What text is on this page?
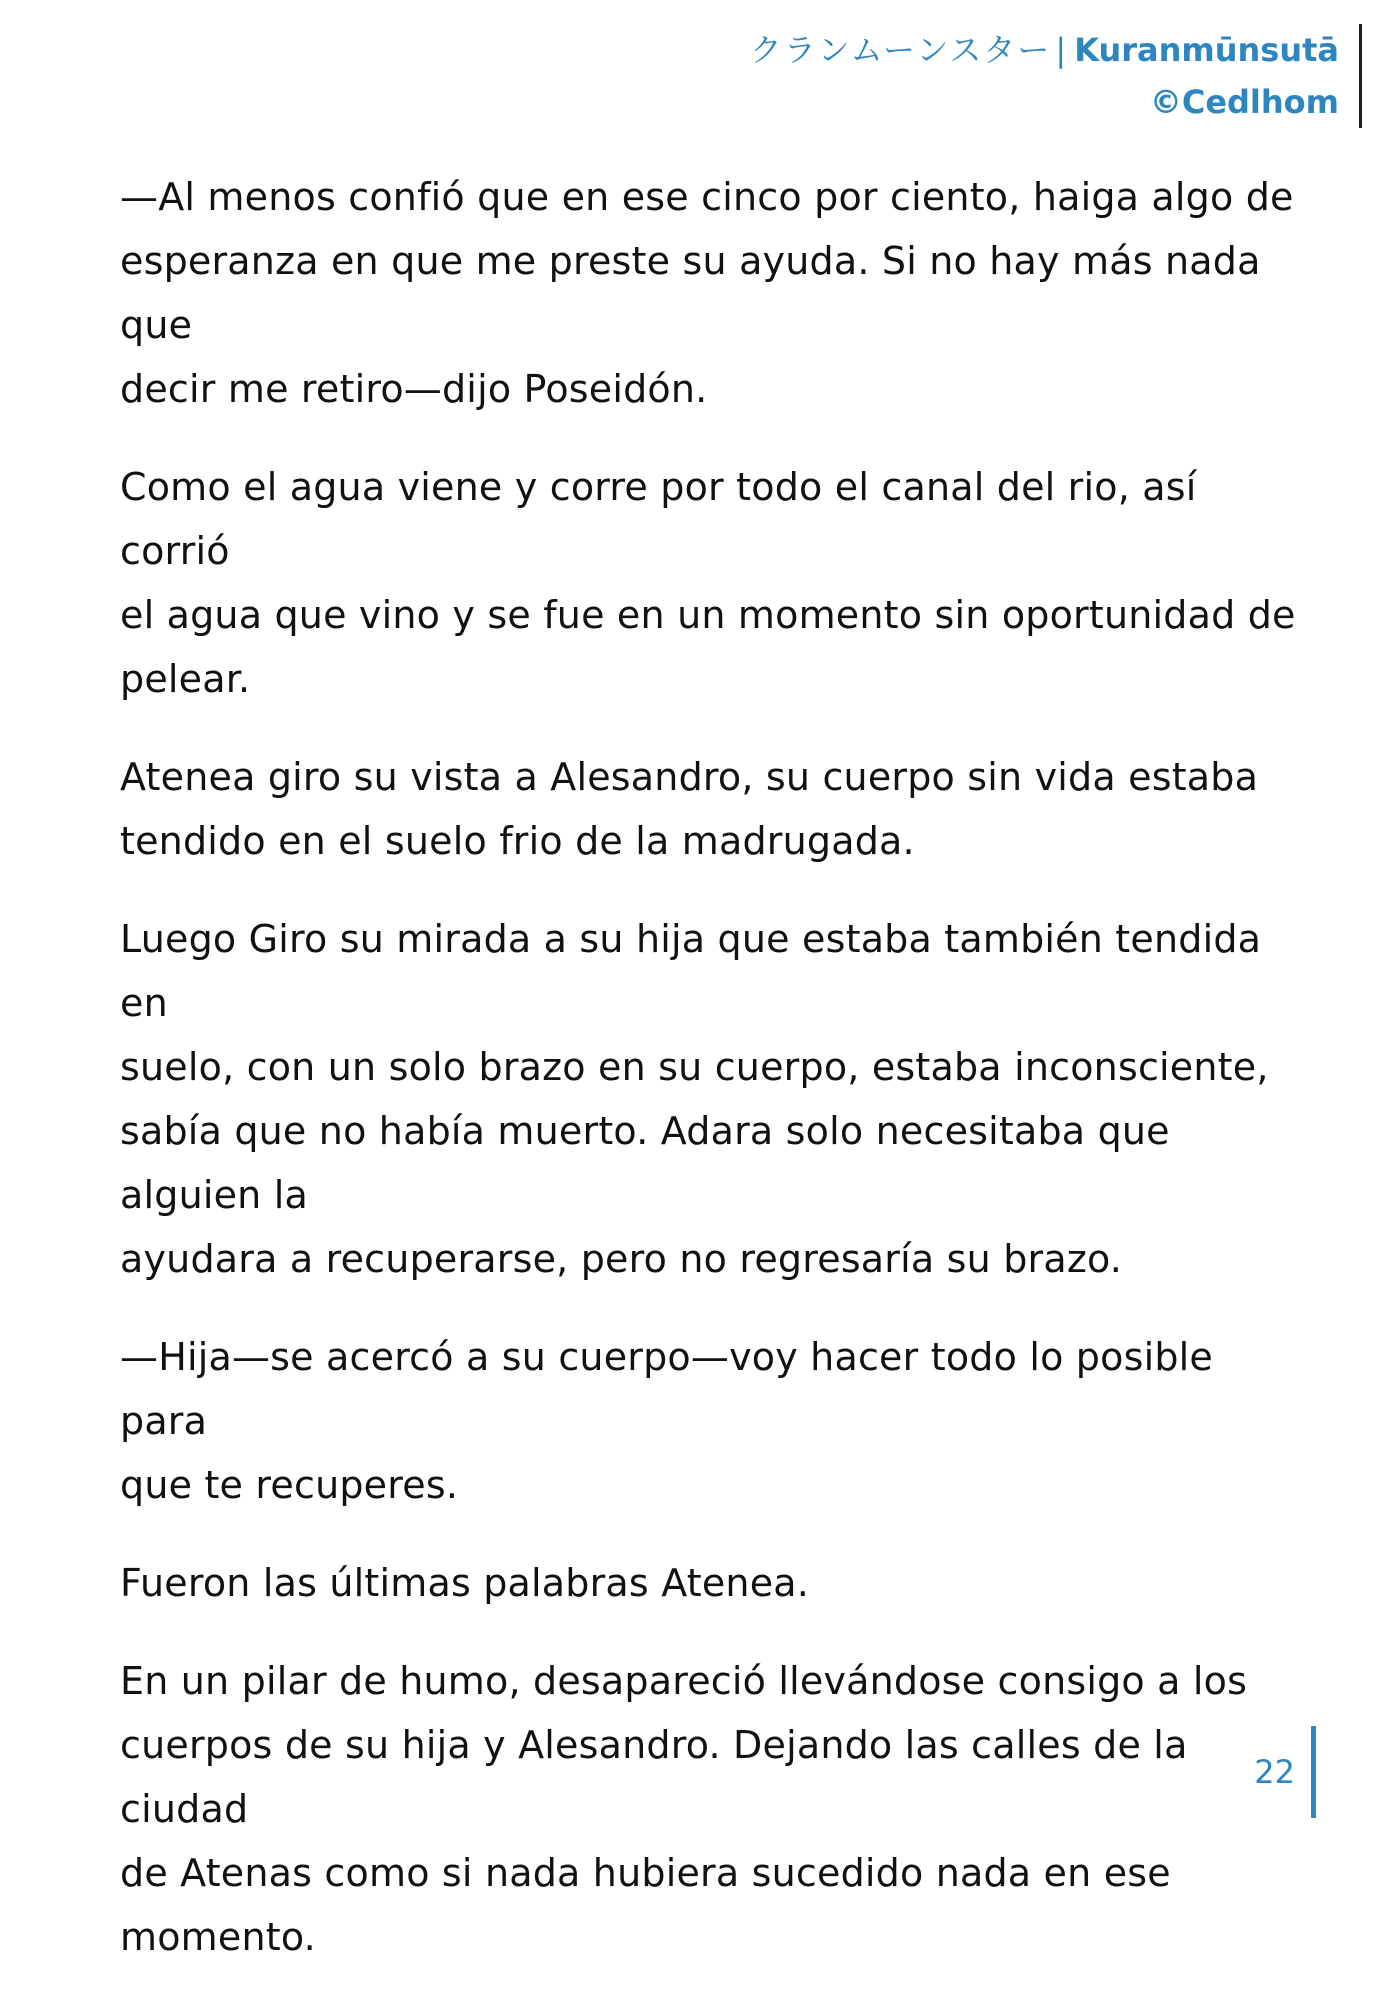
クランムーンスター | Kuranmūnsutā
©Cedlhom

—Al menos confió que en ese cinco por ciento, haiga algo de
esperanza en que me preste su ayuda. Si no hay más nada que
decir me retiro—dijo Poseidón.

Como el agua viene y corre por todo el canal del rio, así corrió
el agua que vino y se fue en un momento sin oportunidad de
pelear.

Atenea giro su vista a Alesandro, su cuerpo sin vida estaba
tendido en el suelo frio de la madrugada.

Luego Giro su mirada a su hija que estaba también tendida en
suelo, con un solo brazo en su cuerpo, estaba inconsciente,
sabía que no había muerto. Adara solo necesitaba que alguien la
ayudara a recuperarse, pero no regresaría su brazo.

—Hija—se acercó a su cuerpo—voy hacer todo lo posible para
que te recuperes.

Fueron las últimas palabras Atenea.

En un pilar de humo, desapareció llevándose consigo a los
cuerpos de su hija y Alesandro. Dejando las calles de la ciudad
de Atenas como si nada hubiera sucedido nada en ese momento.

22
